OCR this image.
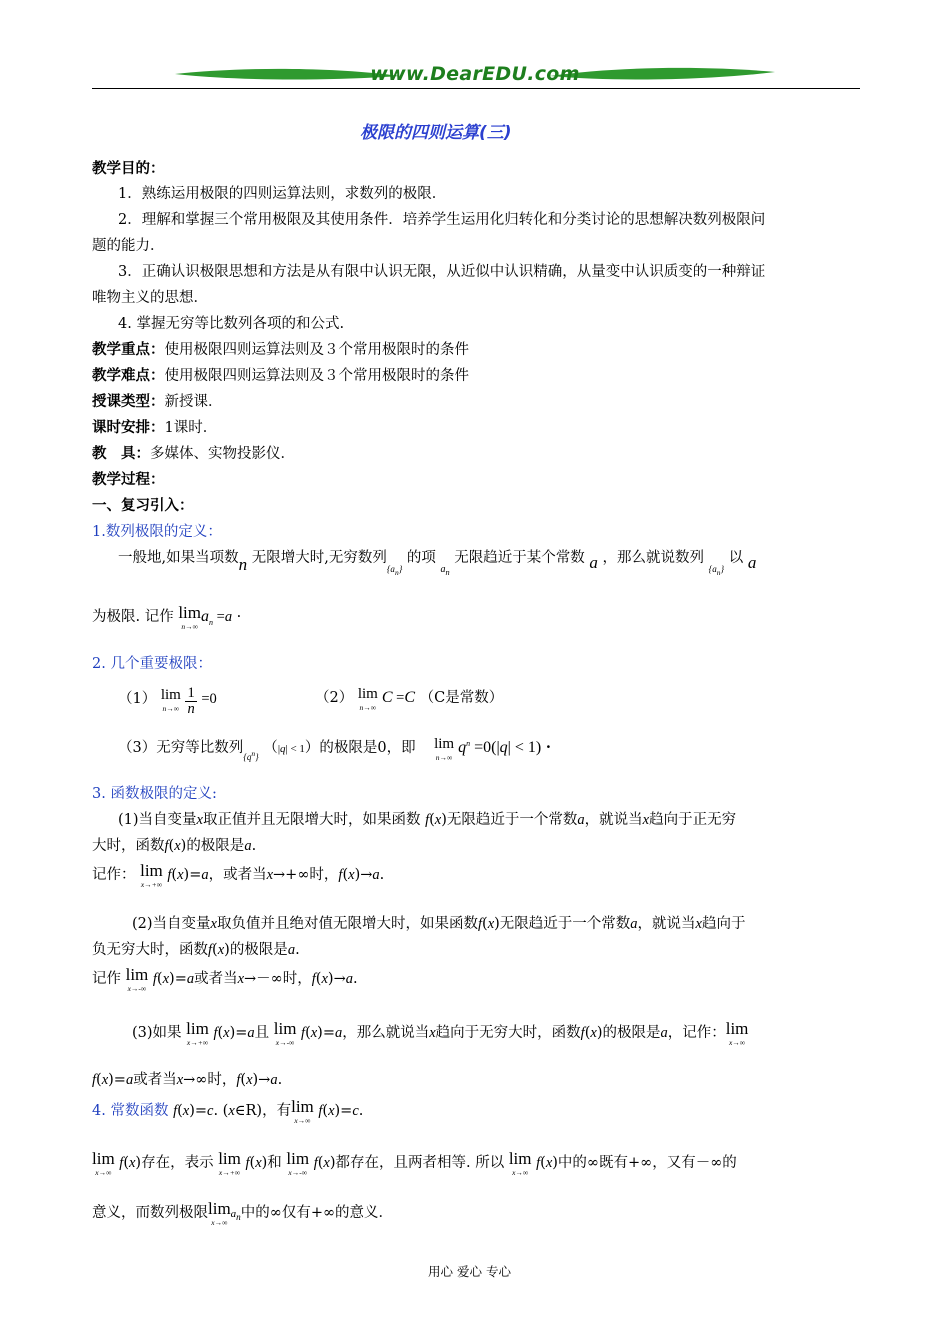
www.DearEDU.com
极限的四则运算(三)
教学目的：
1．熟练运用极限的四则运算法则，求数列的极限．
2．理解和掌握三个常用极限及其使用条件．培养学生运用化归转化和分类讨论的思想解决数列极限问
题的能力．
3．正确认识极限思想和方法是从有限中认识无限，从近似中认识精确，从量变中认识质变的一种辩证
唯物主义的思想．
4. 掌握无穷等比数列各项的和公式.
教学重点：使用极限四则运算法则及３个常用极限时的条件
教学难点：使用极限四则运算法则及３个常用极限时的条件
授课类型：新授课．
课时安排：1课时．
教　具：多媒体、实物投影仪．
教学过程：
一、复习引入：
1.数列极限的定义：
一般地,如果当项数n 无限增大时,无穷数列$_{\{a_n\}}$ 的项 $_{a_n}$ 无限趋近于某个常数 a ，那么就说数列 $_{\{a_n\}}$ 以 a
为极限. 记作 lim
n→∞
$a_n =a$ ·
2. 几个重要极限：
（1） lim
n→∞
$\frac{1}{n} =0$	（2） lim
n→∞
C =C （C是常数）
（3）无穷等比数列$_{\{q^n\}}$ （|q| < 1）的极限是0，即 lim
n→∞
$q^n =0(|q| < 1)$ ·
3. 函数极限的定义:
(1)当自变量x取正值并且无限增大时，如果函数 f(x)无限趋近于一个常数a，就说当x趋向于正无穷
大时，函数f(x)的极限是a.
记作： lim
x→+∞
f(x)=a，或者当x→+∞时，f(x)→a.
(2)当自变量x取负值并且绝对值无限增大时，如果函数f(x)无限趋近于一个常数a，就说当x趋向于
负无穷大时，函数f(x)的极限是a.
记作 lim
x→-∞
f(x)=a或者当x→－∞时，f(x)→a.
(3)如果 lim
x→+∞
f(x)=a且 lim
x→-∞
f(x)=a，那么就说当x趋向于无穷大时，函数f(x)的极限是a，记作： lim
x→∞
f(x)=a或者当x→∞时，f(x)→a.
4. 常数函数 f(x)=c. (x∈R)，有 lim
x→∞
f(x)=c.
lim
x→∞
f(x)存在，表示 lim
x→+∞
f(x)和 lim
x→-∞
f(x)都存在，且两者相等. 所以 lim
x→∞
f(x)中的∞既有+∞，又有－∞的
意义，而数列极限 lim
x→∞
$a_n$中的∞仅有+∞的意义．
用心 爱心 专心
